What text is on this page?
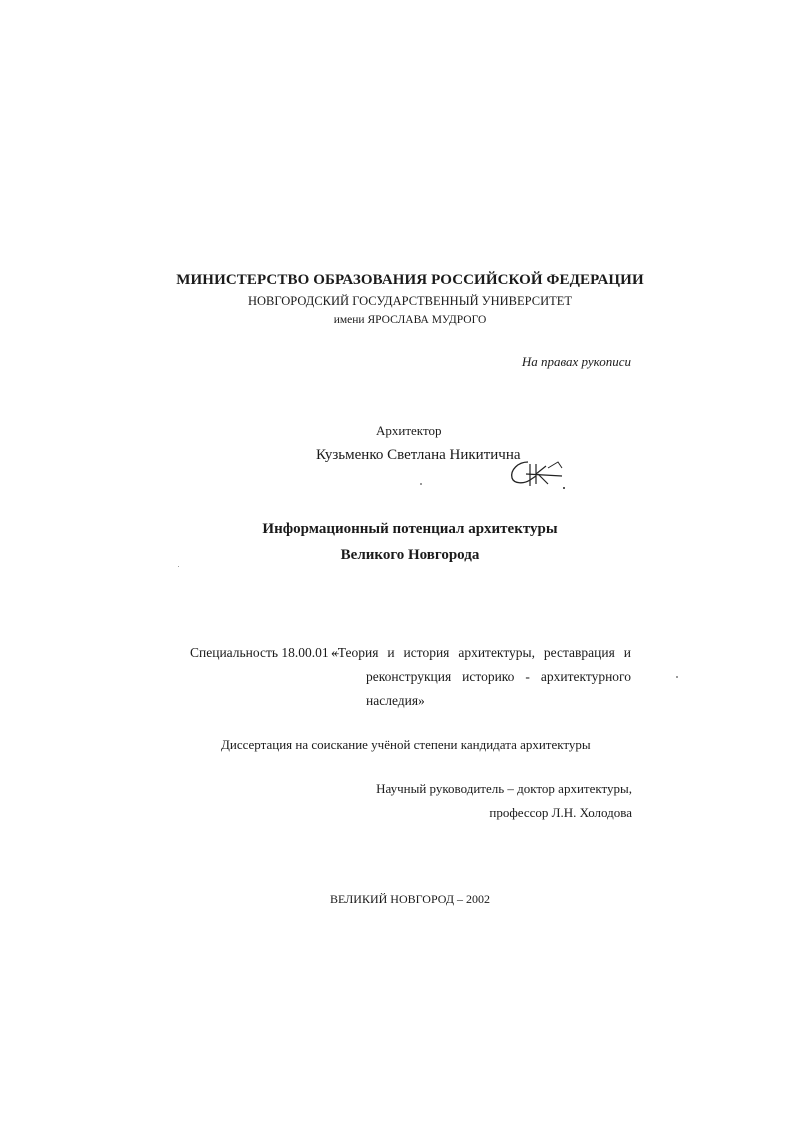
МИНИСТЕРСТВО ОБРАЗОВАНИЯ РОССИЙСКОЙ ФЕДЕРАЦИИ
НОВГОРОДСКИЙ ГОСУДАРСТВЕННЫЙ УНИВЕРСИТЕТ
имени ЯРОСЛАВА МУДРОГО
На правах рукописи
Архитектор
Кузьменко Светлана Никитична
Информационный потенциал архитектуры
Великого Новгорода
Специальность 18.00.01 –
«Теория и история архитектуры, реставрация и
реконструкция историко - архитектурного
наследия»
Диссертация на соискание учёной степени кандидата архитектуры
Научный руководитель – доктор архитектуры,
профессор Л.Н. Холодова
ВЕЛИКИЙ НОВГОРОД – 2002
